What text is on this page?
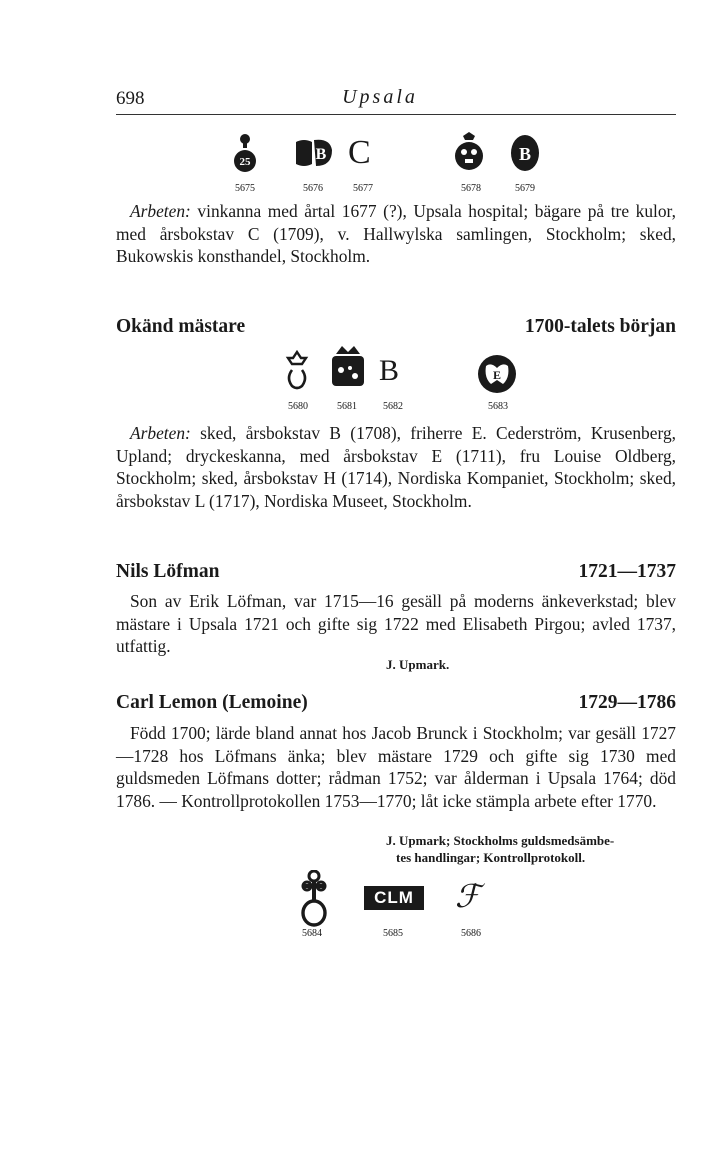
698	Upsala
25	B C	B
5675	5676	5677	5678	5679

Arbeten: vinkanna med årtal 1677 (?), Upsala hospital; bägare på tre kulor, med årsbokstav C (1709), v. Hallwylska samlingen, Stockholm; sked, Bukowskis konsthandel, Stockholm.

Okänd mästare	1700-talets början
B	E
5680	5681	5682	5683

Arbeten: sked, årsbokstav B (1708), friherre E. Cederström, Krusenberg, Upland; dryckeskanna, med årsbokstav E (1711), fru Louise Oldberg, Stockholm; sked, årsbokstav H (1714), Nordiska Kompaniet, Stockholm; sked, årsbokstav L (1717), Nordiska Museet, Stockholm.

Nils Löfman	1721—1737

Son av Erik Löfman, var 1715—16 gesäll på moderns änkeverkstad; blev mästare i Upsala 1721 och gifte sig 1722 med Elisabeth Pirgou; avled 1737, utfattig.

J. Upmark.
Carl Lemon (Lemoine)	1729—1786

Född 1700; lärde bland annat hos Jacob Brunck i Stockholm; var gesäll 1727—1728 hos Löfmans änka; blev mästare 1729 och gifte sig 1730 med guldsmeden Löfmans dotter; rådman 1752; var ålderman i Upsala 1764; död 1786. — Kontrollprotokollen 1753—1770; låt icke stämpla arbete efter 1770.

J. Upmark; Stockholms guldsmedsämbe-
tes handlingar; Kontrollprotokoll.
CLM	ℱ
5684	5685	5686
